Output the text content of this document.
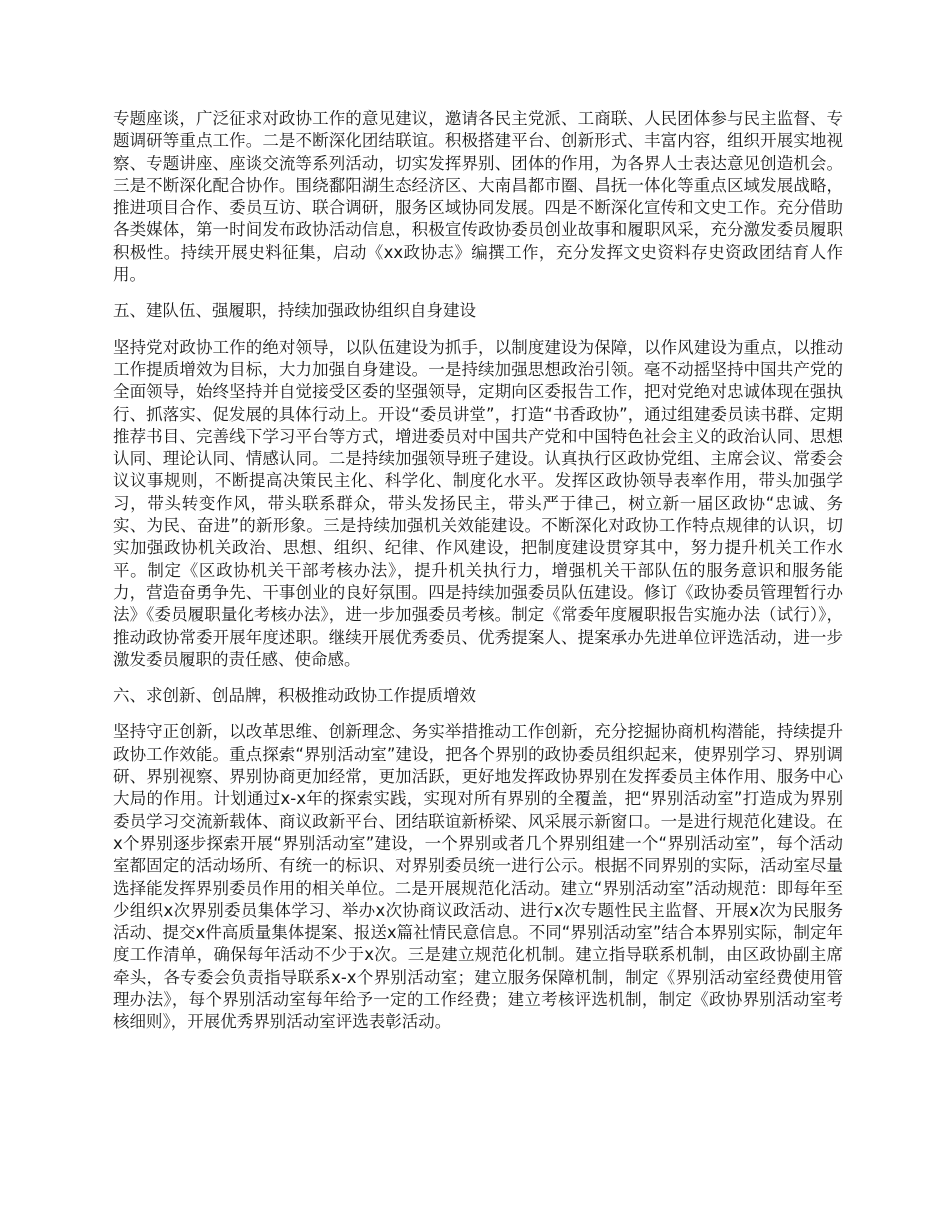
专题座谈，广泛征求对政协工作的意见建议，邀请各民主党派、工商联、人民团体参与民主监督、专题调研等重点工作。二是不断深化团结联谊。积极搭建平台、创新形式、丰富内容，组织开展实地视察、专题讲座、座谈交流等系列活动，切实发挥界别、团体的作用，为各界人士表达意见创造机会。三是不断深化配合协作。围绕鄱阳湖生态经济区、大南昌都市圈、昌抚一体化等重点区域发展战略，推进项目合作、委员互访、联合调研，服务区域协同发展。四是不断深化宣传和文史工作。充分借助各类媒体，第一时间发布政协活动信息，积极宣传政协委员创业故事和履职风采，充分激发委员履职积极性。持续开展史料征集，启动《xx政协志》编撰工作，充分发挥文史资料存史资政团结育人作用。

五、建队伍、强履职，持续加强政协组织自身建设

坚持党对政协工作的绝对领导，以队伍建设为抓手，以制度建设为保障，以作风建设为重点，以推动工作提质增效为目标，大力加强自身建设。一是持续加强思想政治引领。毫不动摇坚持中国共产党的全面领导，始终坚持并自觉接受区委的坚强领导，定期向区委报告工作，把对党绝对忠诚体现在强执行、抓落实、促发展的具体行动上。开设“委员讲堂”，打造“书香政协”，通过组建委员读书群、定期推荐书目、完善线下学习平台等方式，增进委员对中国共产党和中国特色社会主义的政治认同、思想认同、理论认同、情感认同。二是持续加强领导班子建设。认真执行区政协党组、主席会议、常委会议议事规则，不断提高决策民主化、科学化、制度化水平。发挥区政协领导表率作用，带头加强学习，带头转变作风，带头联系群众，带头发扬民主，带头严于律己，树立新一届区政协“忠诚、务实、为民、奋进”的新形象。三是持续加强机关效能建设。不断深化对政协工作特点规律的认识，切实加强政协机关政治、思想、组织、纪律、作风建设，把制度建设贯穿其中，努力提升机关工作水平。制定《区政协机关干部考核办法》，提升机关执行力，增强机关干部队伍的服务意识和服务能力，营造奋勇争先、干事创业的良好氛围。四是持续加强委员队伍建设。修订《政协委员管理暂行办法》《委员履职量化考核办法》，进一步加强委员考核。制定《常委年度履职报告实施办法（试行）》，推动政协常委开展年度述职。继续开展优秀委员、优秀提案人、提案承办先进单位评选活动，进一步激发委员履职的责任感、使命感。

六、求创新、创品牌，积极推动政协工作提质增效

坚持守正创新，以改革思维、创新理念、务实举措推动工作创新，充分挖掘协商机构潜能，持续提升政协工作效能。重点探索“界别活动室”建设，把各个界别的政协委员组织起来，使界别学习、界别调研、界别视察、界别协商更加经常，更加活跃，更好地发挥政协界别在发挥委员主体作用、服务中心大局的作用。计划通过x-x年的探索实践，实现对所有界别的全覆盖，把“界别活动室”打造成为界别委员学习交流新载体、商议政新平台、团结联谊新桥梁、风采展示新窗口。一是进行规范化建设。在x个界别逐步探索开展“界别活动室”建设，一个界别或者几个界别组建一个“界别活动室”，每个活动室都固定的活动场所、有统一的标识、对界别委员统一进行公示。根据不同界别的实际，活动室尽量选择能发挥界别委员作用的相关单位。二是开展规范化活动。建立“界别活动室”活动规范：即每年至少组织x次界别委员集体学习、举办x次协商议政活动、进行x次专题性民主监督、开展x次为民服务活动、提交x件高质量集体提案、报送x篇社情民意信息。不同“界别活动室”结合本界别实际，制定年度工作清单，确保每年活动不少于x次。三是建立规范化机制。建立指导联系机制，由区政协副主席牵头，各专委会负责指导联系x-x个界别活动室；建立服务保障机制，制定《界别活动室经费使用管理办法》，每个界别活动室每年给予一定的工作经费；建立考核评选机制，制定《政协界别活动室考核细则》，开展优秀界别活动室评选表彰活动。
